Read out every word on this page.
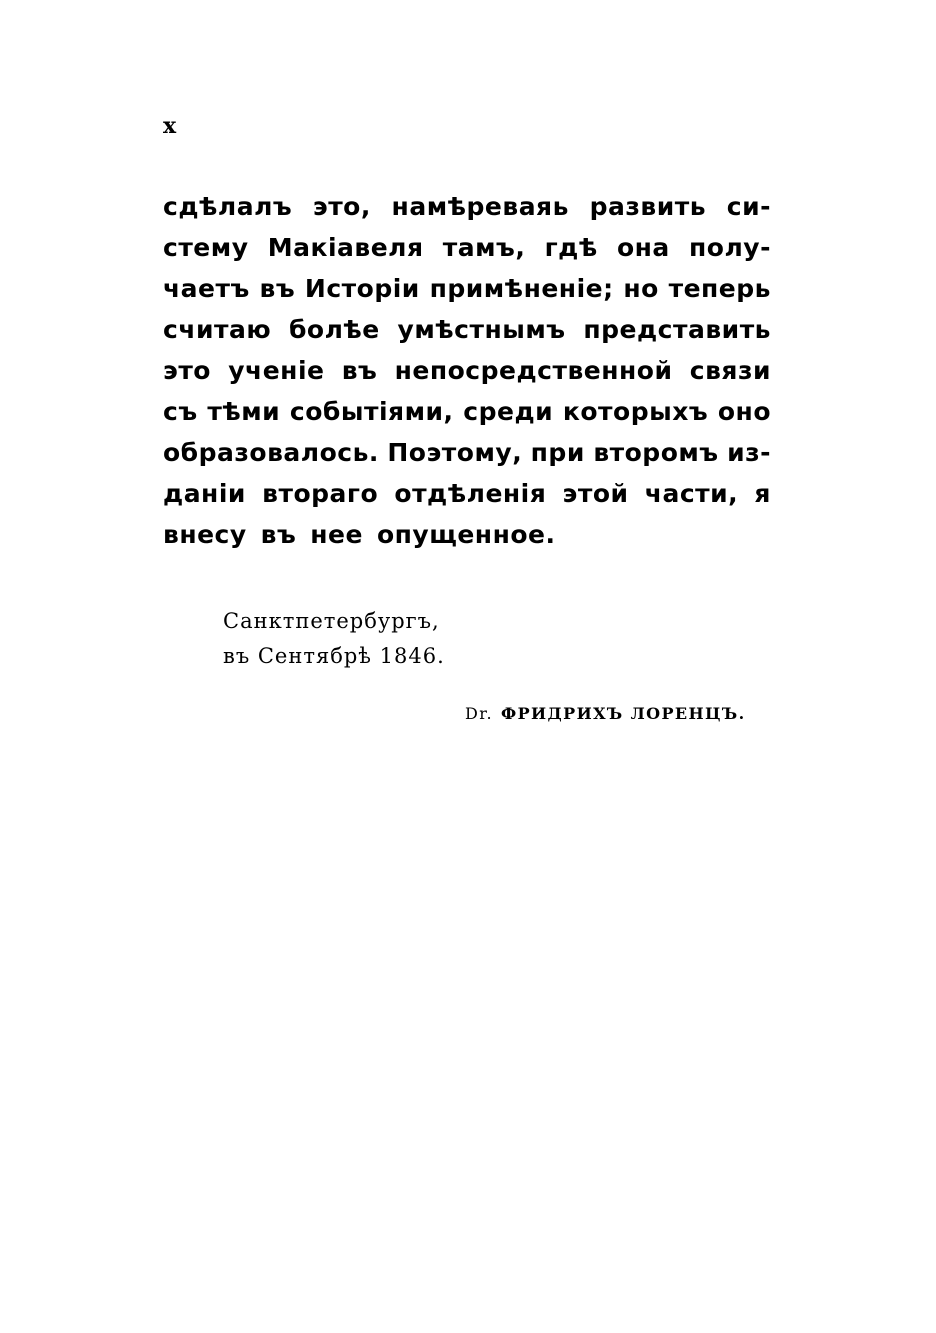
x
сдѣлалъ это, намѣреваяь развить си-
стему Макіавеля тамъ, гдѣ она полу-
чаетъ въ Исторіи примѣненіе; но теперь
считаю болѣе умѣстнымъ представить
это ученіе въ непосредственной связи
съ тѣми событіями, среди которыхъ оно
образовалось. Поэтому, при второмъ из-
даніи втораго отдѣленія этой части, я
внесу въ нее опущенное.
Санктпетербургъ,
въ Сентябрѣ 1846.
Dr. ФРИДРИХЪ ЛОРЕНЦЪ.
